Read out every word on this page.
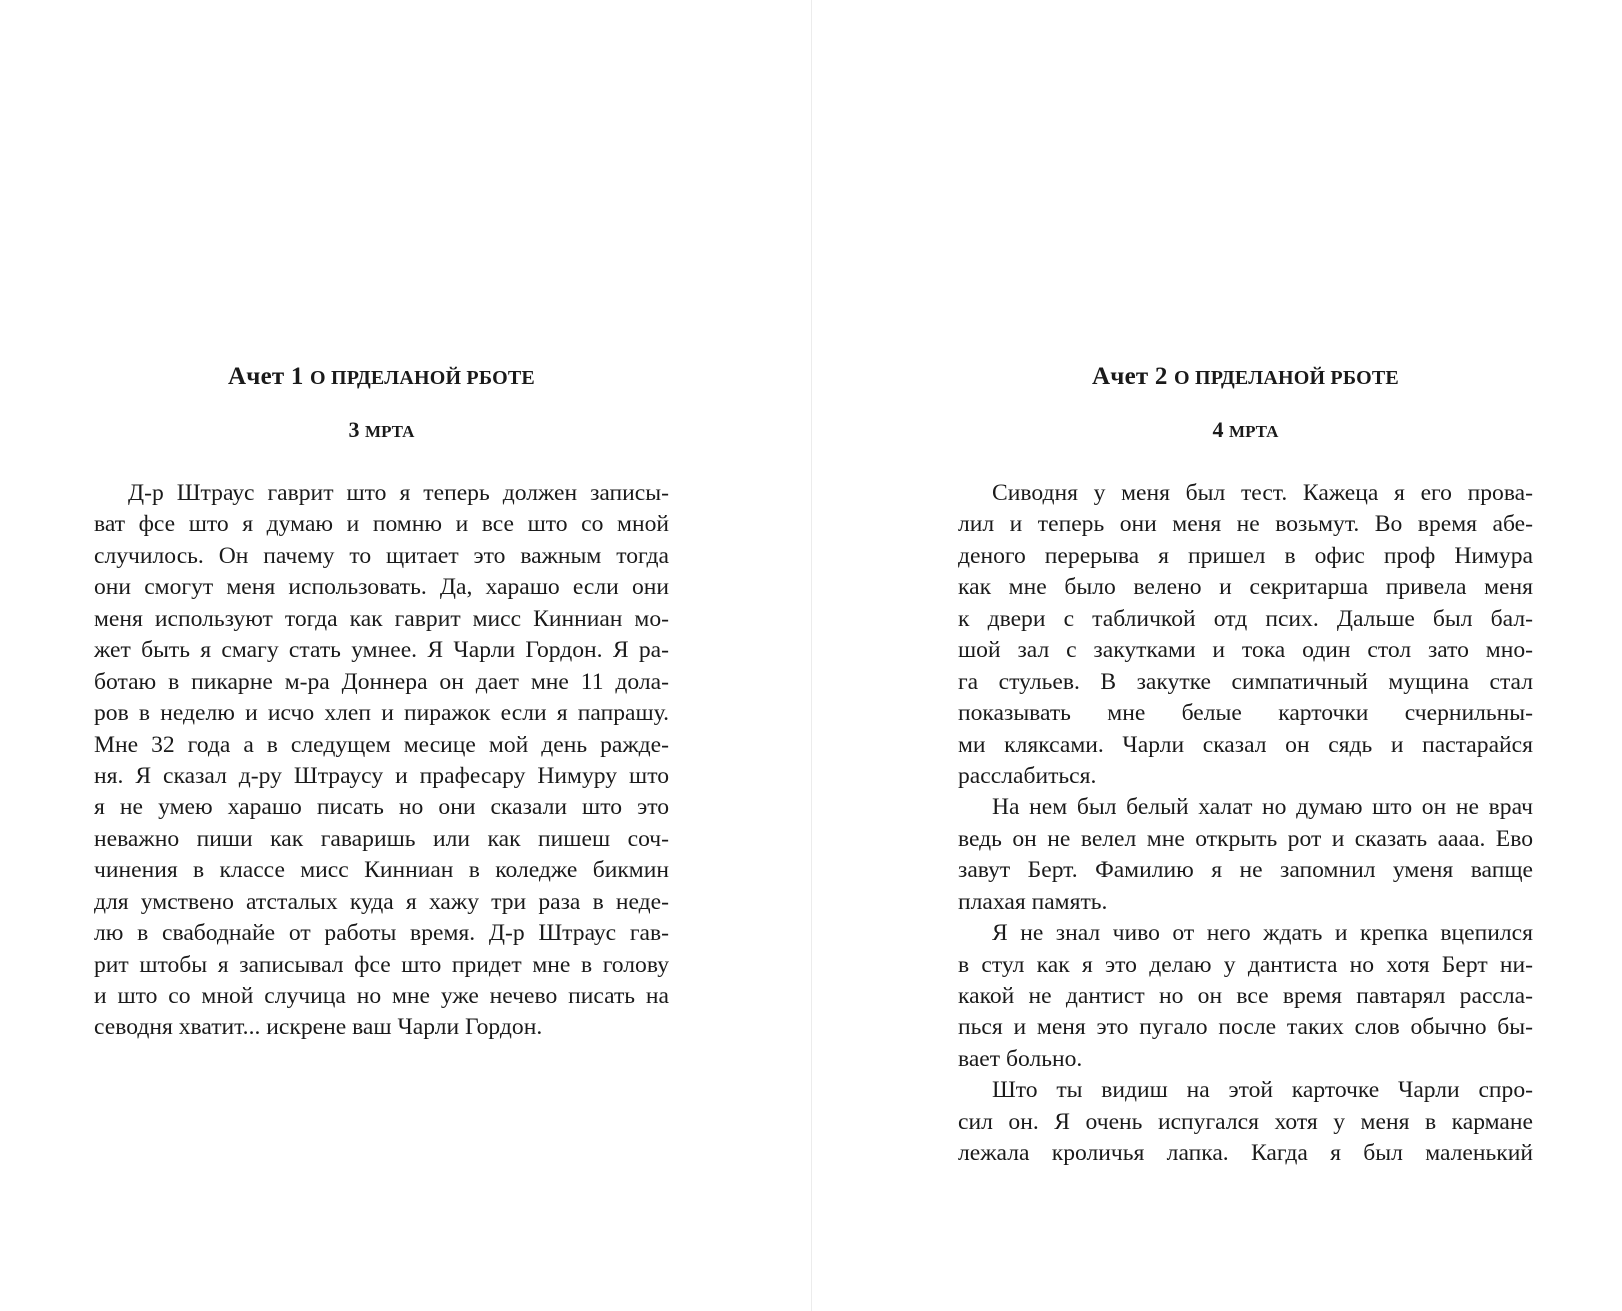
Ачет 1 О ПРДЕЛАНОЙ РБОТЕ
3 МРТА

Д-р Штраус гаврит што я теперь должен записы-
ват фсе што я думаю и помню и все што со мной
случилось. Он пачему то щитает это важным тогда
они смогут меня использовать. Да, харашо если они
меня используют тогда как гаврит мисс Кинниан мо-
жет быть я смагу стать умнее. Я Чарли Гордон. Я ра-
ботаю в пикарне м-ра Доннера он дает мне 11 дола-
ров в неделю и исчо хлеп и пиражок если я папрашу.
Мне 32 года а в следущем месице мой день ражде-
ня. Я сказал д-ру Штраусу и прафесару Нимуру што
я не умею харашо писать но они сказали што это
неважно пиши как гаваришь или как пишеш соч-
чинения в классе мисс Кинниан в коледже бикмин
для умствено атсталых куда я хажу три раза в неде-
лю в свабоднайе от работы время. Д-р Штраус гав-
рит штобы я записывал фсе што придет мне в голову
и што со мной случица но мне уже нечево писать на
севодня хватит... искрене ваш Чарли Гордон.

Ачет 2 О ПРДЕЛАНОЙ РБОТЕ
4 МРТА

Сиводня у меня был тест. Кажеца я его прова-
лил и теперь они меня не возьмут. Во время абе-
деного перерыва я пришел в офис проф Нимура
как мне было велено и секритарша привела меня
к двери с табличкой отд псих. Дальше был бал-
шой зал с закутками и тока один стол зато мно-
га стульев. В закутке симпатичный мущина стал
показывать мне белые карточки счернильны-
ми кляксами. Чарли сказал он сядь и пастарайся
расслабиться.

На нем был белый халат но думаю што он не врач
ведь он не велел мне открыть рот и сказать аааа. Ево
завут Берт. Фамилию я не запомнил уменя вапще
плахая память.

Я не знал чиво от него ждать и крепка вцепился
в стул как я это делаю у дантиста но хотя Берт ни-
какой не дантист но он все время павтарял расcла-
пься и меня это пугало после таких слов обычно бы-
вает больно.

Што ты видиш на этой карточке Чарли спро-
сил он. Я очень испугался хотя у меня в кармане
лежала кроличья лапка. Кагда я был маленький
